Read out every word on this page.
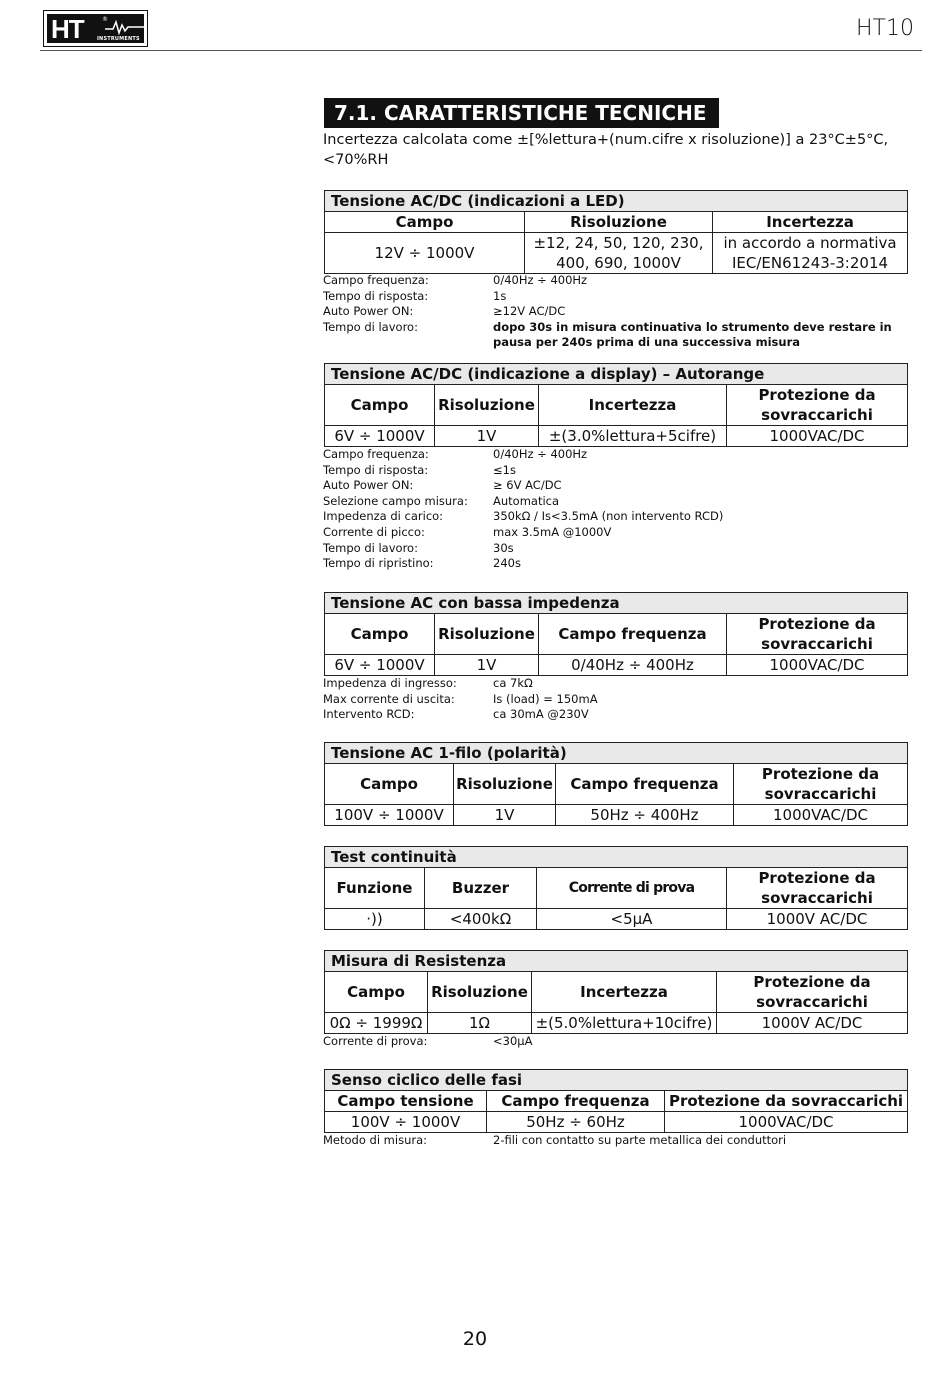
HT	®
INSTRUMENTS	HT10
7.1. CARATTERISTICHE TECNICHE
Incertezza calcolata come ±[%lettura+(num.cifre x risoluzione)] a 23°C±5°C, <70%RH
Tensione AC/DC (indicazioni a LED)		
Campo	Risoluzione	Incertezza
12V ÷ 1000V	±12, 24, 50, 120, 230, 400, 690, 1000V	in accordo a normativa IEC/EN61243-3:2014
Campo frequenza:	0/40Hz ÷ 400Hz
Tempo di risposta:	1s
Auto Power ON:	≥12V AC/DC
Tempo di lavoro:	dopo 30s in misura continuativa lo strumento deve restare in pausa per 240s prima di una successiva misura
Tensione AC/DC (indicazione a display) – Autorange			
Campo	Risoluzione	Incertezza	Protezione da sovraccarichi
6V ÷ 1000V	1V	±(3.0%lettura+5cifre)	1000VAC/DC
Campo frequenza:	0/40Hz ÷ 400Hz
Tempo di risposta:	≤1s
Auto Power ON:	≥ 6V AC/DC
Selezione campo misura:	Automatica
Impedenza di carico:	350kΩ / Is<3.5mA (non intervento RCD)
Corrente di picco:	max 3.5mA @1000V
Tempo di lavoro:	30s
Tempo di ripristino:	240s
Tensione AC con bassa impedenza			
Campo	Risoluzione	Campo frequenza	Protezione da sovraccarichi
6V ÷ 1000V	1V	0/40Hz ÷ 400Hz	1000VAC/DC
Impedenza di ingresso:	ca 7kΩ
Max corrente di uscita:	Is (load) = 150mA
Intervento RCD:	ca 30mA @230V
Tensione AC 1-filo (polarità)			
Campo	Risoluzione	Campo frequenza	Protezione da sovraccarichi
100V ÷ 1000V	1V	50Hz ÷ 400Hz	1000VAC/DC
Test continuità			
Funzione	Buzzer	Corrente di prova	Protezione da sovraccarichi
·))	<400kΩ	<5μA	1000V AC/DC
Misura di Resistenza			
Campo	Risoluzione	Incertezza	Protezione da sovraccarichi
0Ω ÷ 1999Ω	1Ω	±(5.0%lettura+10cifre)	1000V AC/DC
Corrente di prova:	<30μA
Senso ciclico delle fasi		
Campo tensione	Campo frequenza	Protezione da sovraccarichi
100V ÷ 1000V	50Hz ÷ 60Hz	1000VAC/DC
Metodo di misura:	2-fili con contatto su parte metallica dei conduttori
20
